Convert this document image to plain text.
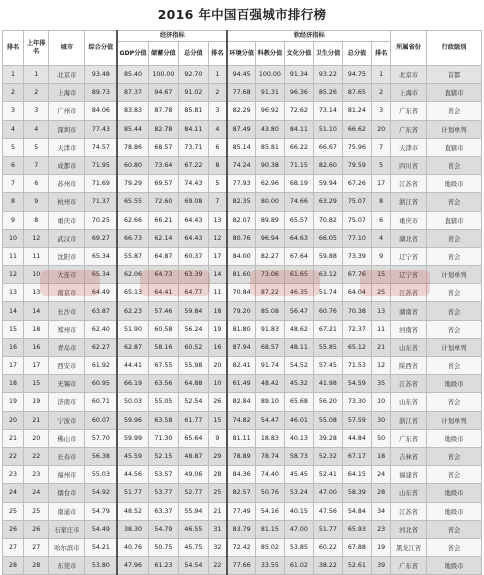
2016 年中国百强城市排行榜
排名	上年排名	城市	综合分值	经济指标				软经济指标						所属省份	行政级别
				GDP分值	储蓄分值	总分值	排名	环境分值	科教分值	文化分值	卫生分值	总分值	排名		
1	1	北京市	93.48	85.40	100.00	92.70	1	94.45	100.00	91.34	93.22	94.75	1	北京市	首都
2	2	上海市	89.73	87.37	94.67	91.02	2	77.68	91.31	96.36	85.26	87.65	2	上海市	直辖市
3	3	广州市	84.06	83.83	87.78	85.81	3	82.29	96.92	72.62	73.14	81.24	3	广东省	省会
4	4	深圳市	77.43	85.44	82.78	84.11	4	87.49	43.80	84.11	51.10	66.62	20	广东省	计划单列
5	5	天津市	74.57	78.86	68.57	73.71	6	85.14	85.81	66.22	66.67	75.96	7	天津市	直辖市
6	7	成都市	71.95	60.80	73.64	67.22	8	74.24	90.38	71.15	82.60	79.59	5	四川省	省会
7	6	苏州市	71.69	79.29	69.57	74.43	5	77.93	62.96	68.19	59.94	67.26	17	江苏省	地级市
8	9	杭州市	71.37	65.55	72.60	69.08	7	82.35	80.00	74.66	63.29	75.07	8	浙江省	省会
9	8	重庆市	70.25	62.66	66.21	64.43	13	82.07	89.89	65.57	70.82	75.07	6	重庆市	直辖市
10	12	武汉市	69.27	66.73	62.14	64.43	12	80.76	96.94	64.63	66.05	77.10	4	湖北省	省会
11	11	沈阳市	65.34	55.87	64.87	60.37	17	84.00	82.27	67.64	59.88	73.39	9	辽宁省	省会
12	10	大连市	65.34	62.06	64.73	63.39	14	81.60	73.06	61.65	63.12	67.76	15	辽宁省	计划单列
13	13	南京市	64.49	65.13	64.41	64.77	11	70.84	87.22	46.35	51.74	64.04	25	江苏省	省会
14	14	长沙市	63.87	62.23	57.46	59.84	18	79.20	85.08	56.47	60.76	70.38	13	湖南省	省会
15	18	郑州市	62.40	51.90	60.58	56.24	19	81.80	91.83	48.62	67.21	72.37	11	河南省	省会
16	16	青岛市	62.27	62.87	58.16	60.52	16	87.94	68.57	48.11	55.85	65.12	21	山东省	计划单列
17	17	西安市	61.92	44.41	67.55	55.98	20	82.41	91.74	54.52	57.45	71.53	12	陕西省	省会
18	15	无锡市	60.95	66.19	63.56	64.88	10	61.49	48.42	45.32	41.98	54.59	35	江苏省	地级市
19	19	济南市	60.71	50.03	55.05	52.54	26	82.84	89.10	65.68	56.20	73.30	10	山东省	省会
20	21	宁波市	60.07	59.96	63.58	61.77	15	74.82	54.47	46.01	55.08	57.59	30	浙江省	计划单列
21	20	佛山市	57.70	59.99	71.30	65.64	9	81.11	18.83	40.13	39.28	44.84	50	广东省	地级市
22	22	长春市	56.38	45.59	52.15	48.87	29	78.89	78.74	58.73	52.32	67.17	18	吉林省	省会
23	23	福州市	55.03	44.56	53.57	49.06	28	84.36	74.40	45.45	52.41	64.15	24	福建省	省会
24	24	烟台市	54.92	51.77	53.77	52.77	25	82.57	50.76	53.24	47.00	58.39	28	山东省	地级市
25	25	南通市	54.79	48.52	63.37	55.94	21	77.49	54.16	40.15	47.56	54.84	34	江苏省	地级市
26	26	石家庄市	54.49	38.30	54.79	46.55	31	83.79	81.15	47.00	51.77	65.93	23	河北省	省会
27	27	哈尔滨市	54.21	40.76	50.75	45.75	32	72.42	85.02	53.85	60.22	67.88	19	黑龙江省	省会
28	28	东莞市	53.80	47.96	61.23	54.54	22	77.66	33.55	61.02	38.22	52.61	39	广东省	地级市
